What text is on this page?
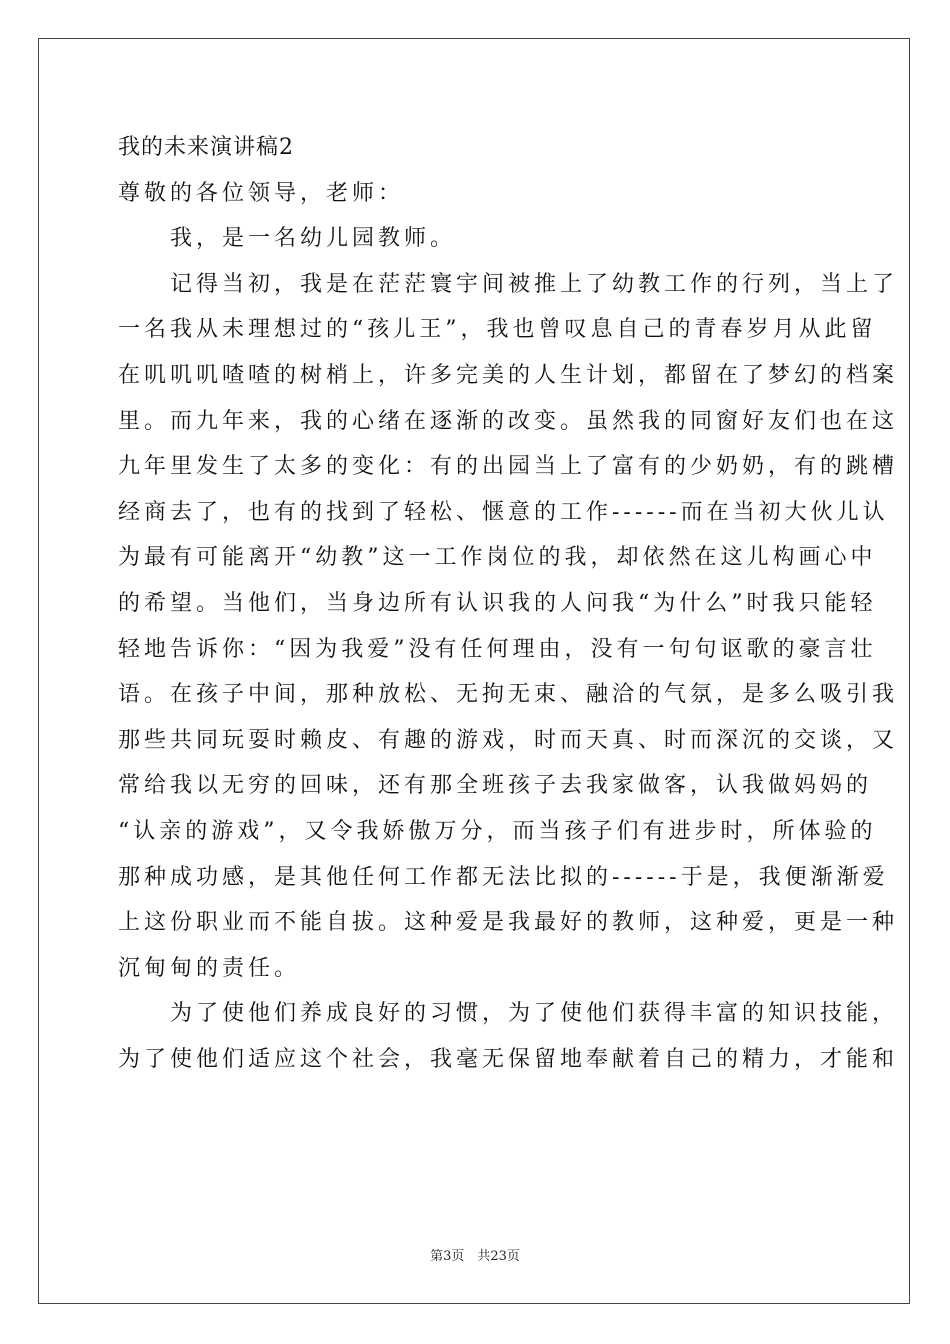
我的未来演讲稿2

尊敬的各位领导，老师：

　　我，是一名幼儿园教师。

　　记得当初，我是在茫茫寰宇间被推上了幼教工作的行列，当上了

一名我从未理想过的“孩儿王”，我也曾叹息自己的青春岁月从此留

在叽叽叽喳喳的树梢上，许多完美的人生计划，都留在了梦幻的档案

里。而九年来，我的心绪在逐渐的改变。虽然我的同窗好友们也在这

九年里发生了太多的变化：有的出园当上了富有的少奶奶，有的跳槽

经商去了，也有的找到了轻松、惬意的工作------而在当初大伙儿认

为最有可能离开“幼教”这一工作岗位的我，却依然在这儿构画心中

的希望。当他们，当身边所有认识我的人问我“为什么”时我只能轻

轻地告诉你：“因为我爱”没有任何理由，没有一句句讴歌的豪言壮

语。在孩子中间，那种放松、无拘无束、融洽的气氛，是多么吸引我

那些共同玩耍时赖皮、有趣的游戏，时而天真、时而深沉的交谈，又

常给我以无穷的回味，还有那全班孩子去我家做客，认我做妈妈的

“认亲的游戏”，又令我娇傲万分，而当孩子们有进步时，所体验的

那种成功感，是其他任何工作都无法比拟的------于是，我便渐渐爱

上这份职业而不能自拔。这种爱是我最好的教师，这种爱，更是一种

沉甸甸的责任。

　　为了使他们养成良好的习惯，为了使他们获得丰富的知识技能，

为了使他们适应这个社会，我毫无保留地奉献着自己的精力，才能和

第3页　共23页
